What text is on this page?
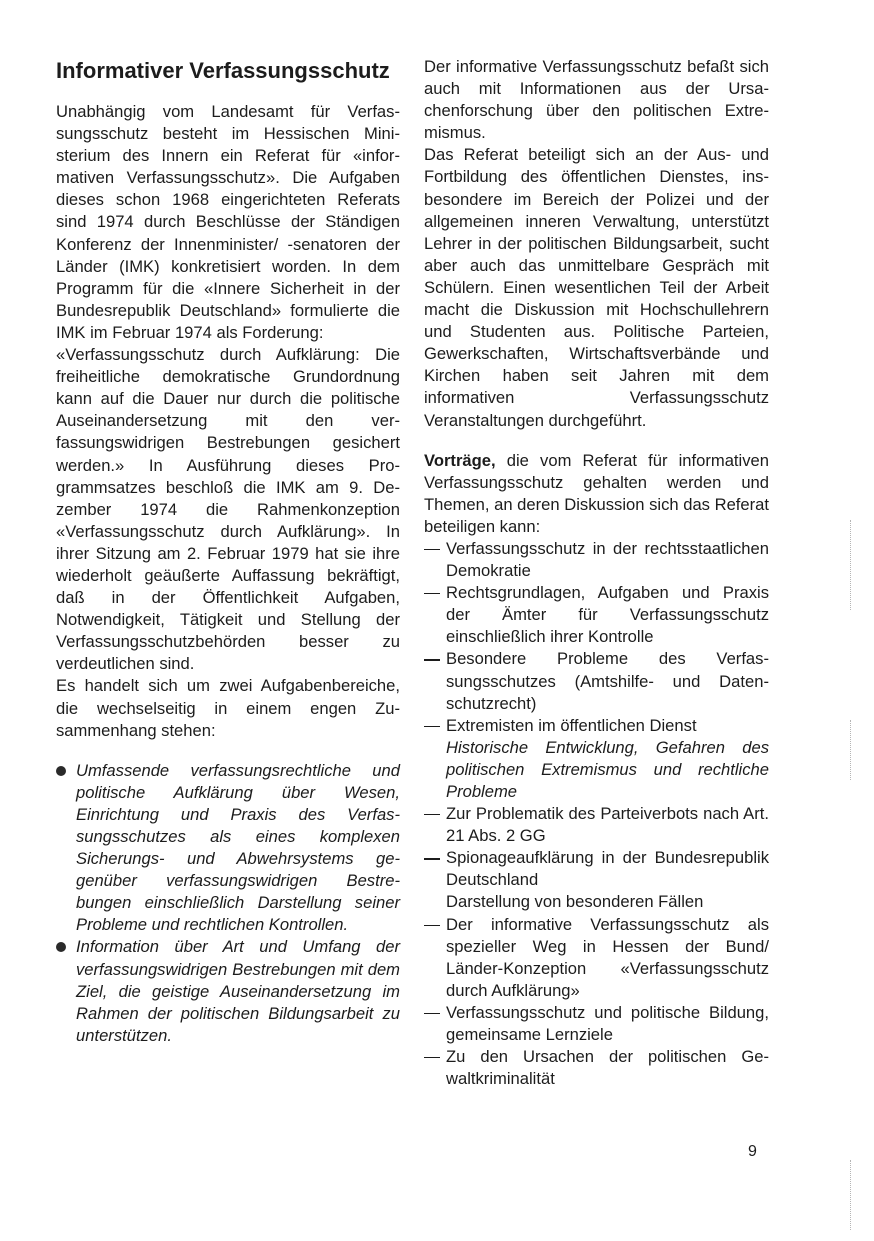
Informativer Verfassungsschutz

Unabhängig vom Landesamt für Verfassungsschutz besteht im Hessischen Ministerium des Innern ein Referat für «informativen Verfassungsschutz». Die Aufgaben dieses schon 1968 eingerichteten Referats sind 1974 durch Beschlüsse der Ständigen Konferenz der Innenminister/ -senatoren der Länder (IMK) konkretisiert worden. In dem Programm für die «Innere Sicherheit in der Bundesrepublik Deutschland» formulierte die IMK im Februar 1974 als Forderung:

«Verfassungsschutz durch Aufklärung: Die freiheitliche demokratische Grundordnung kann auf die Dauer nur durch die politische Auseinandersetzung mit den verfassungswidrigen Bestrebungen gesichert werden.» In Ausführung dieses Programmsatzes beschloß die IMK am 9. Dezember 1974 die Rahmenkonzeption «Verfassungsschutz durch Aufklärung». In ihrer Sitzung am 2. Februar 1979 hat sie ihre wiederholt geäußerte Auffassung bekräftigt, daß in der Öffentlichkeit Aufgaben, Notwendigkeit, Tätigkeit und Stellung der Verfassungsschutzbehörden besser zu verdeutlichen sind.

Es handelt sich um zwei Aufgabenbereiche, die wechselseitig in einem engen Zusammenhang stehen:

Umfassende verfassungsrechtliche und politische Aufklärung über Wesen, Einrichtung und Praxis des Verfassungsschutzes als eines komplexen Sicherungs- und Abwehrsystems gegenüber verfassungswidrigen Bestrebungen einschließlich Darstellung seiner Probleme und rechtlichen Kontrollen.
Information über Art und Umfang der verfassungswidrigen Bestrebungen mit dem Ziel, die geistige Auseinandersetzung im Rahmen der politischen Bildungsarbeit zu unterstützen.

Der informative Verfassungsschutz befaßt sich auch mit Informationen aus der Ursachenforschung über den politischen Extremismus.

Das Referat beteiligt sich an der Aus- und Fortbildung des öffentlichen Dienstes, insbesondere im Bereich der Polizei und der allgemeinen inneren Verwaltung, unterstützt Lehrer in der politischen Bildungsarbeit, sucht aber auch das unmittelbare Gespräch mit Schülern. Einen wesentlichen Teil der Arbeit macht die Diskussion mit Hochschullehrern und Studenten aus. Politische Parteien, Gewerkschaften, Wirtschaftsverbände und Kirchen haben seit Jahren mit dem informativen Verfassungsschutz Veranstaltungen durchgeführt.

Vorträge, die vom Referat für informativen Verfassungsschutz gehalten werden und Themen, an deren Diskussion sich das Referat beteiligen kann:

Verfassungsschutz in der rechtsstaatlichen Demokratie
Rechtsgrundlagen, Aufgaben und Praxis der Ämter für Verfassungsschutz einschließlich ihrer Kontrolle
Besondere Probleme des Verfassungsschutzes (Amtshilfe- und Datenschutzrecht)
Extremisten im öffentlichen Dienst
Historische Entwicklung, Gefahren des politischen Extremismus und rechtliche Probleme
Zur Problematik des Parteiverbots nach Art. 21 Abs. 2 GG
Spionageaufklärung in der Bundesrepublik Deutschland
Darstellung von besonderen Fällen
Der informative Verfassungsschutz als spezieller Weg in Hessen der Bund/ Länder-Konzeption «Verfassungsschutz durch Aufklärung»
Verfassungsschutz und politische Bildung, gemeinsame Lernziele
Zu den Ursachen der politischen Gewaltkriminalität
9
